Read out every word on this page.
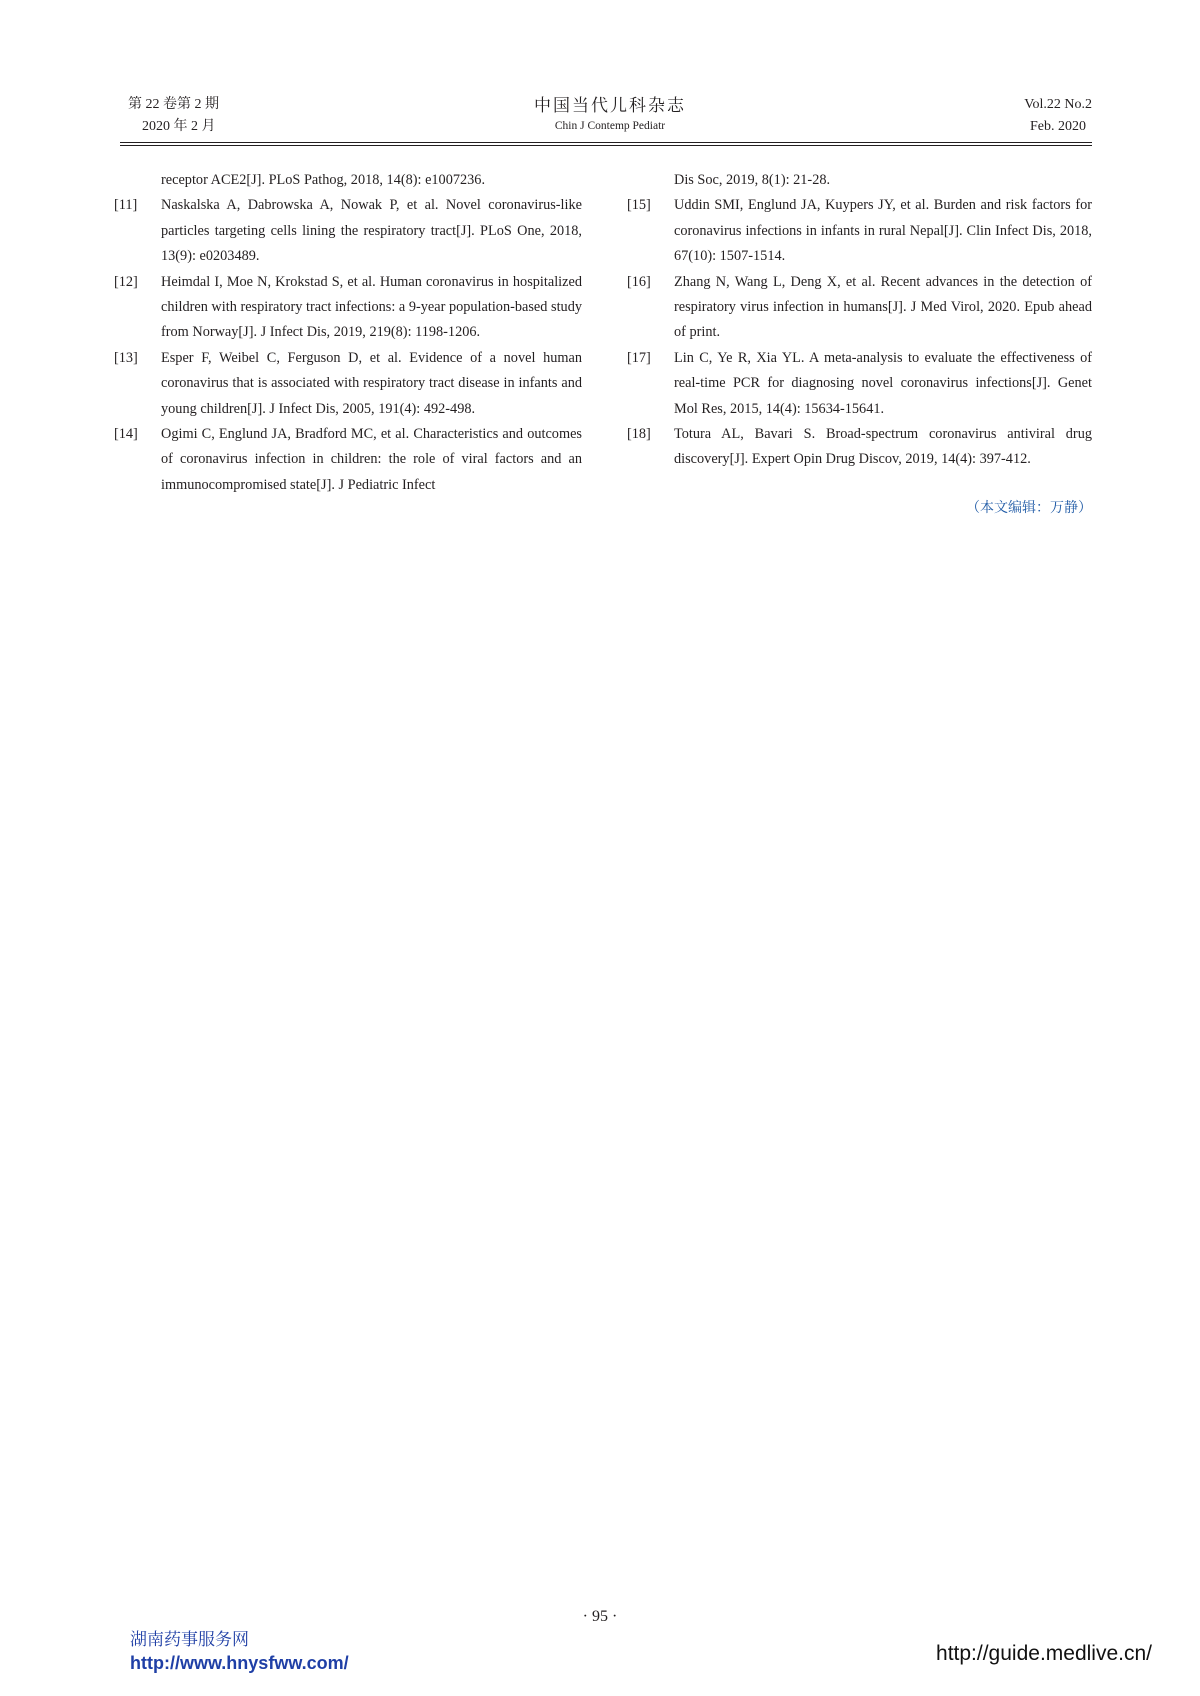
第 22 卷第 2 期
2020 年 2 月
中国当代儿科杂志
Chin J Contemp Pediatr
Vol.22 No.2
Feb. 2020
receptor ACE2[J]. PLoS Pathog, 2018, 14(8): e1007236.
[11] Naskalska A, Dabrowska A, Nowak P, et al. Novel coronavirus-like particles targeting cells lining the respiratory tract[J]. PLoS One, 2018, 13(9): e0203489.
[12] Heimdal I, Moe N, Krokstad S, et al. Human coronavirus in hospitalized children with respiratory tract infections: a 9-year population-based study from Norway[J]. J Infect Dis, 2019, 219(8): 1198-1206.
[13] Esper F, Weibel C, Ferguson D, et al. Evidence of a novel human coronavirus that is associated with respiratory tract disease in infants and young children[J]. J Infect Dis, 2005, 191(4): 492-498.
[14] Ogimi C, Englund JA, Bradford MC, et al. Characteristics and outcomes of coronavirus infection in children: the role of viral factors and an immunocompromised state[J]. J Pediatric Infect
Dis Soc, 2019, 8(1): 21-28.
[15] Uddin SMI, Englund JA, Kuypers JY, et al. Burden and risk factors for coronavirus infections in infants in rural Nepal[J]. Clin Infect Dis, 2018, 67(10): 1507-1514.
[16] Zhang N, Wang L, Deng X, et al. Recent advances in the detection of respiratory virus infection in humans[J]. J Med Virol, 2020. Epub ahead of print.
[17] Lin C, Ye R, Xia YL. A meta-analysis to evaluate the effectiveness of real-time PCR for diagnosing novel coronavirus infections[J]. Genet Mol Res, 2015, 14(4): 15634-15641.
[18] Totura AL, Bavari S. Broad-spectrum coronavirus antiviral drug discovery[J]. Expert Opin Drug Discov, 2019, 14(4): 397-412.
（本文编辑：万静）
· 95 ·
湖南药事服务网
http://www.hnysfww.com/	http://guide.medlive.cn/
